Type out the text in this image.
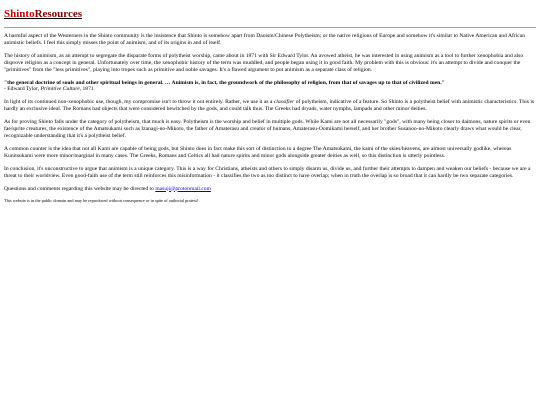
ShintoResources

A harmful aspect of the Westerners in the Shinto community is the insistence that Shinto is somehow apart from Daoism/Chinese Polytheism; or the native religions of Europe and somehow it's similar to Native American and African animistic beliefs. I feel this simply misses the point of animism, and of its origins in and of itself.

The history of animism, as an attempt to segregate the disparate forms of polytheist worship, came about in 1871 with Sir Edward Tylor. An avowed atheist, he was interested in using animism as a tool to further xenophobia and also disprove religion as a concept in general. Unfortunately over time, the xenophobic history of the term was muddled, and people began using it in good faith. My problem with this is obvious: it's an attempt to divide and conquer the "primitives" from the "less primitives", playing into tropes such as primitive and noble savages. It's a flawed argument to put animism as a separate class of religion.

"the general doctrine of souls and other spiritual beings in general. … Animism is, in fact, the groundwork of the philosophy of religion, from that of savages up to that of civilized men."
- Edward Tylor, Primitive Culture, 1871

In light of its continued non-xenophobic use, though, my compromise isn't to throw it out entirely. Rather, we use it as a classifier of polytheism, indicative of a feature. So Shinto is a polytheist belief with animistic characteristics. This is hardly an exclusive ideal. The Romans had objects that were considered bewitched by the gods, and could talk thus. The Greeks had dryads, water nymphs, lampads and other minor deities.

As for proving Shinto falls under the category of polytheism, that much is easy. Polytheism is the worship and belief in multiple gods. While Kami are not all necessarily "gods", with many being closer to daimons, nature spirits or even fae/sprite creatures, the existence of the Amatsukami such as Izanagi-no-Mikoto, the father of Amaterasu and creator of humans, Amaterasu-Oomikami herself, and her brother Susanoo-no-Mikoto clearly draws what would be clear, recognizable understanding that it's a polytheist belief.

A common counter is the idea that not all Kami are capable of being gods, but Shinto does in fact make this sort of distinction to a degree The Amatsukami, the kami of the skies/heavens, are almost universally godlike, whereas Kunitsukami were more minor/marginal in many cases. The Greeks, Romans and Celtics all had nature spirits and minor gods alongside greater deities as well, so this distinction is utterly pointless.

In conclusion, it's unconstructive to argue that animism is a unique category. This is a way for Christians, atheists and others to simply disarm us, divide us, and further their attempts to dampen and weaken our beliefs - because we are a threat to their worldview. Even good-faith use of the term still reinforces this misinformation - it classifies the two as too distinct to have overlap; when in truth the overlap is so broad that it can hardly be two separate categories.

Questions and comments regarding this website may be directed to masuji@protonmail.com

This website is in the public domain and may be reproduced without consequence or in spite of authorial protest!
